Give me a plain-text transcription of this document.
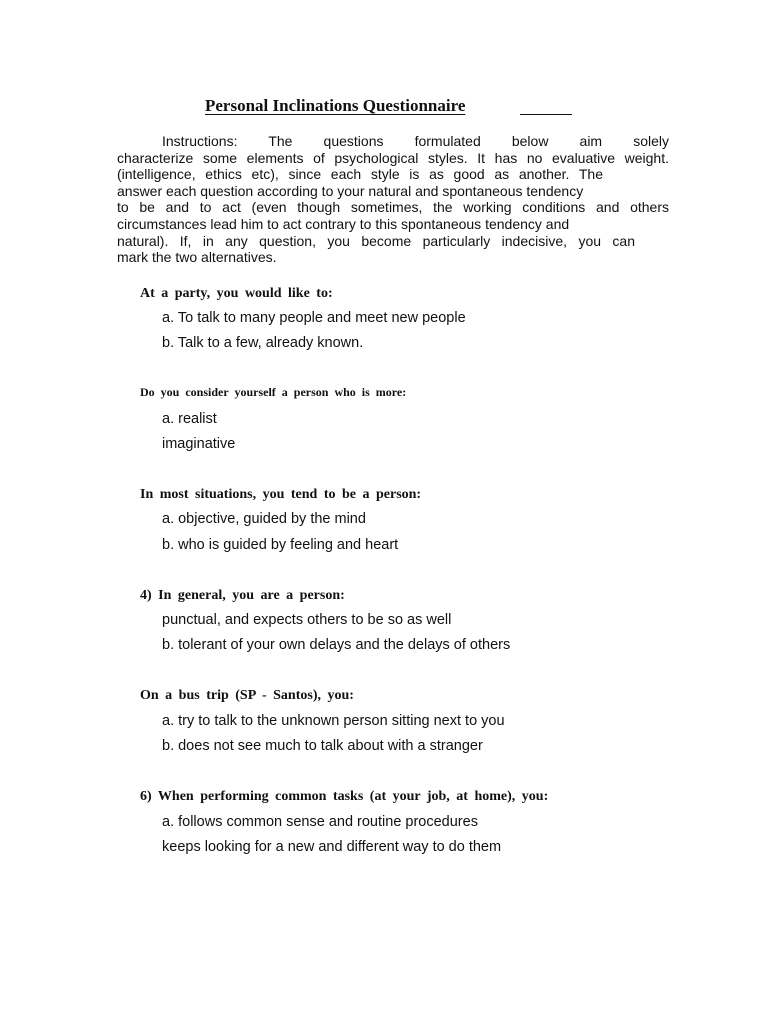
Personal Inclinations Questionnaire
Instructions: The questions formulated below aim solely
characterize some elements of psychological styles. It has no evaluative weight.
(intelligence, ethics etc), since each style is as good as another. The
answer each question according to your natural and spontaneous tendency
to be and to act (even though sometimes, the working conditions and others
circumstances lead him to act contrary to this spontaneous tendency and
natural). If, in any question, you become particularly indecisive, you can
mark the two alternatives.

At a party, you would like to:

a. To talk to many people and meet new people
b. Talk to a few, already known.

Do you consider yourself a person who is more:

a. realist
imaginative

In most situations, you tend to be a person:

a. objective, guided by the mind
b. who is guided by feeling and heart

4) In general, you are a person:

punctual, and expects others to be so as well
b. tolerant of your own delays and the delays of others

On a bus trip (SP - Santos), you:

a. try to talk to the unknown person sitting next to you
b. does not see much to talk about with a stranger

6) When performing common tasks (at your job, at home), you:

a. follows common sense and routine procedures
keeps looking for a new and different way to do them
